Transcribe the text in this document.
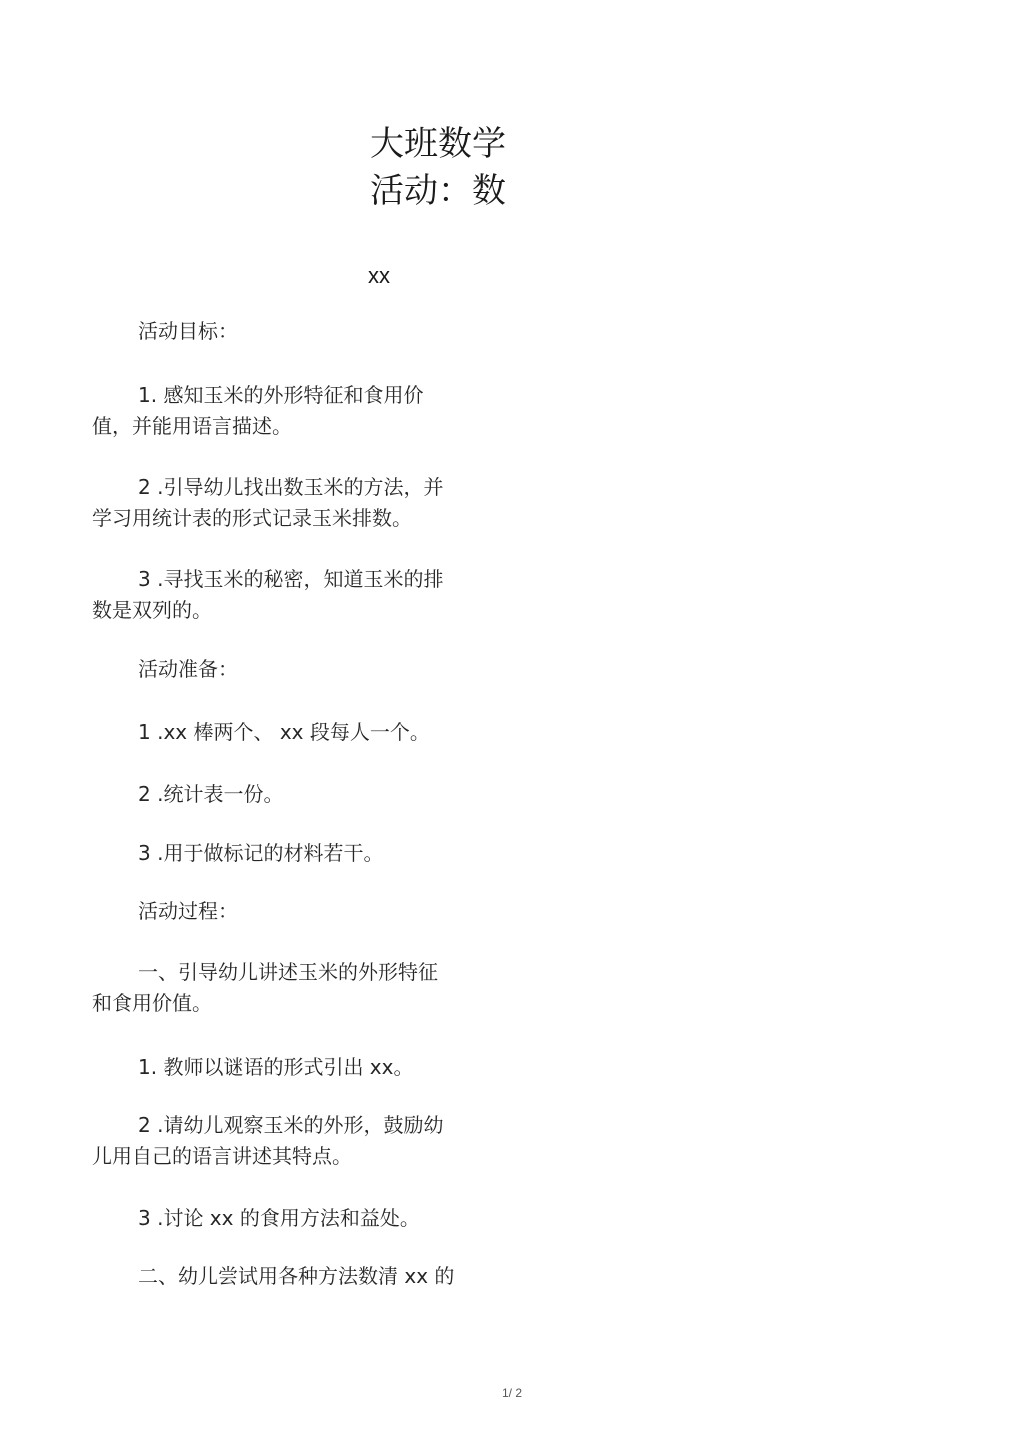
大班数学
活动：数
xx
活动目标：
1. 感知玉米的外形特征和食用价
值，并能用语言描述。
2 .引导幼儿找出数玉米的方法，并
学习用统计表的形式记录玉米排数。
3 .寻找玉米的秘密，知道玉米的排
数是双列的。
活动准备：
1 .xx 棒两个、 xx 段每人一个。
2 .统计表一份。
3 .用于做标记的材料若干。
活动过程：
一、引导幼儿讲述玉米的外形特征
和食用价值。
1. 教师以谜语的形式引出 xx。
2 .请幼儿观察玉米的外形，鼓励幼
儿用自己的语言讲述其特点。
3 .讨论 xx 的食用方法和益处。
二、幼儿尝试用各种方法数清 xx 的
1/ 2
